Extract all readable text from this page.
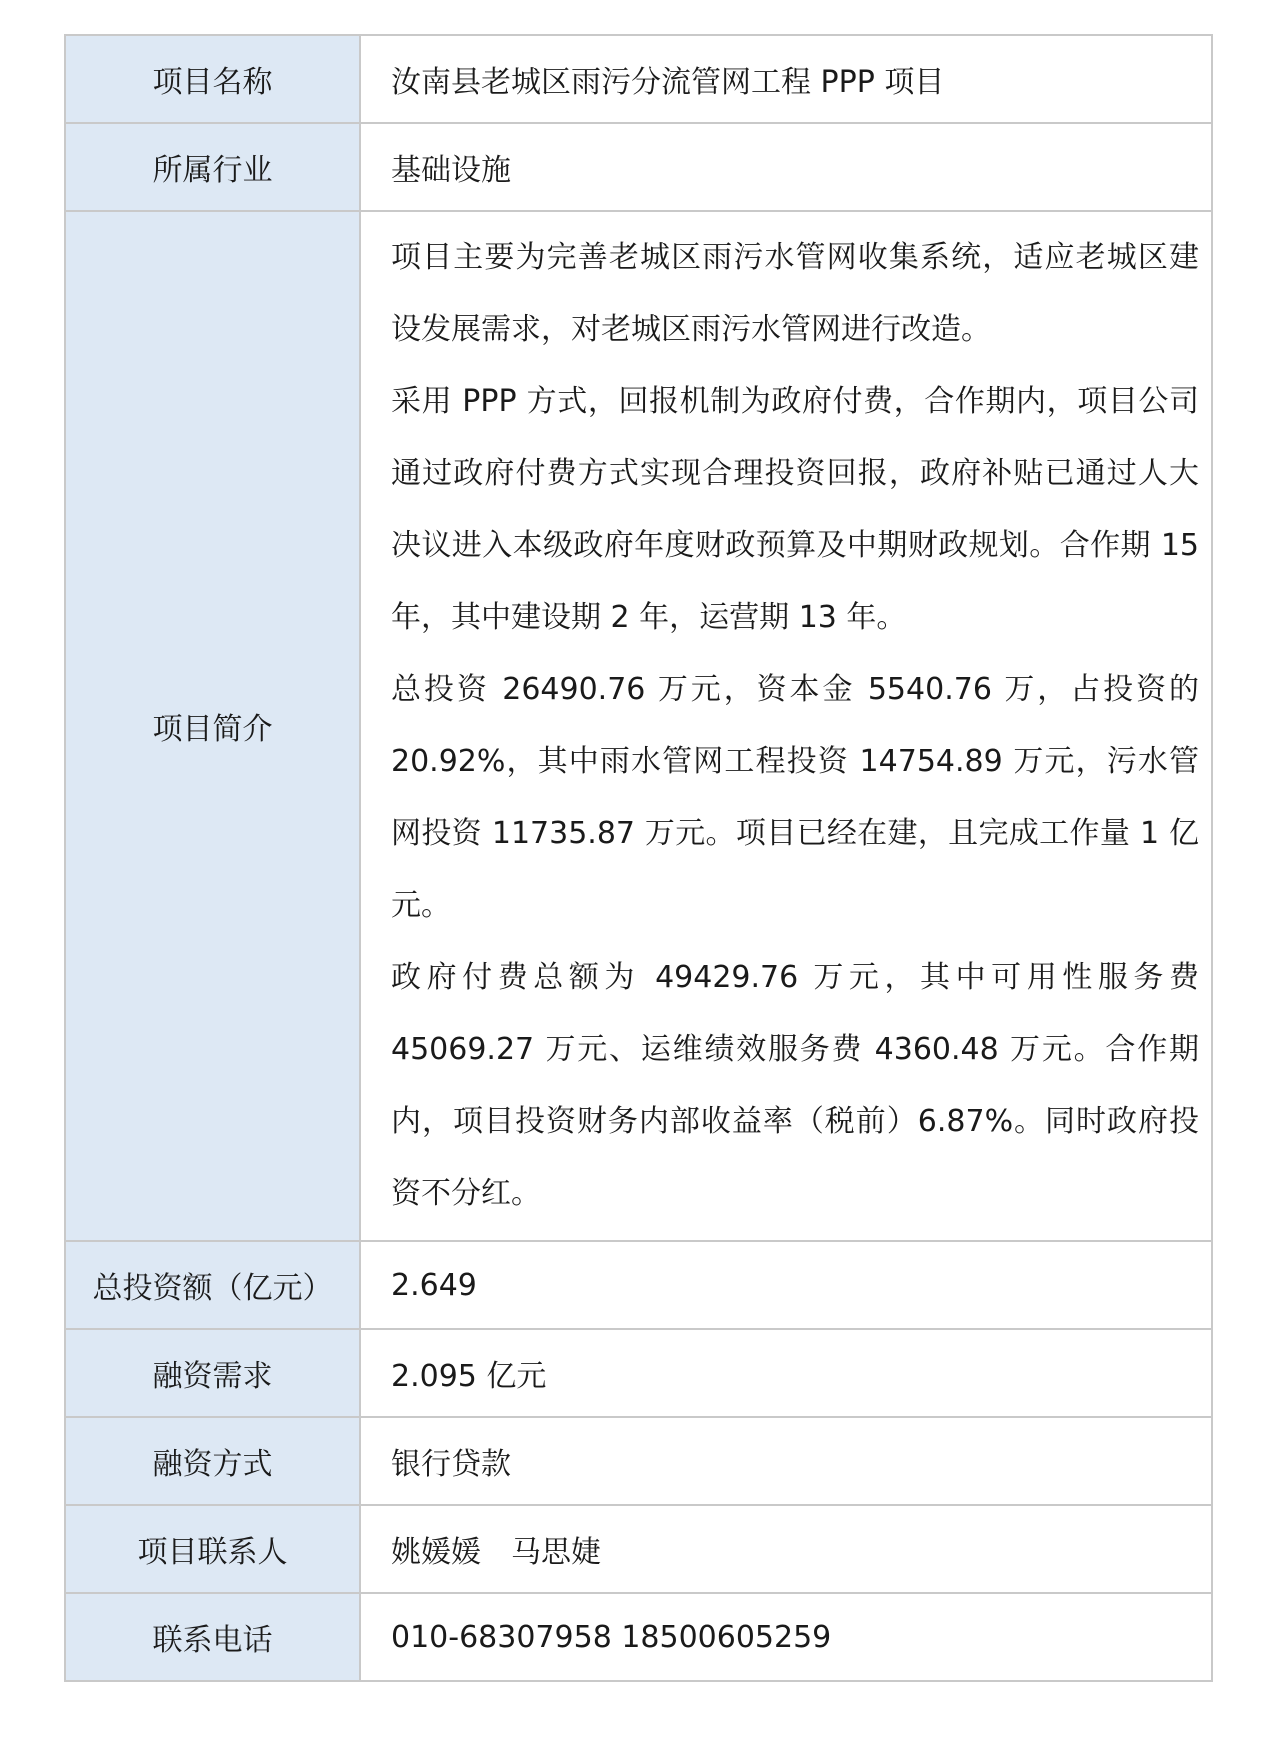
项目名称	汝南县老城区雨污分流管网工程 PPP 项目
所属行业	基础设施
项目简介	项目主要为完善老城区雨污水管网收集系统，适应老城区建设发展需求，对老城区雨污水管网进行改造。

采用 PPP 方式，回报机制为政府付费，合作期内，项目公司通过政府付费方式实现合理投资回报，政府补贴已通过人大决议进入本级政府年度财政预算及中期财政规划。合作期 15 年，其中建设期 2 年，运营期 13 年。

总投资 26490.76 万元，资本金 5540.76 万，占投资的 20.92%，其中雨水管网工程投资 14754.89 万元，污水管网投资 11735.87 万元。项目已经在建，且完成工作量 1 亿元。

政府付费总额为 49429.76 万元，其中可用性服务费 45069.27 万元、运维绩效服务费 4360.48 万元。合作期内，项目投资财务内部收益率（税前）6.87%。同时政府投资不分红。

总投资额（亿元）	2.649
融资需求	2.095 亿元
融资方式	银行贷款
项目联系人	姚媛媛　马思婕
联系电话	010-68307958 18500605259
